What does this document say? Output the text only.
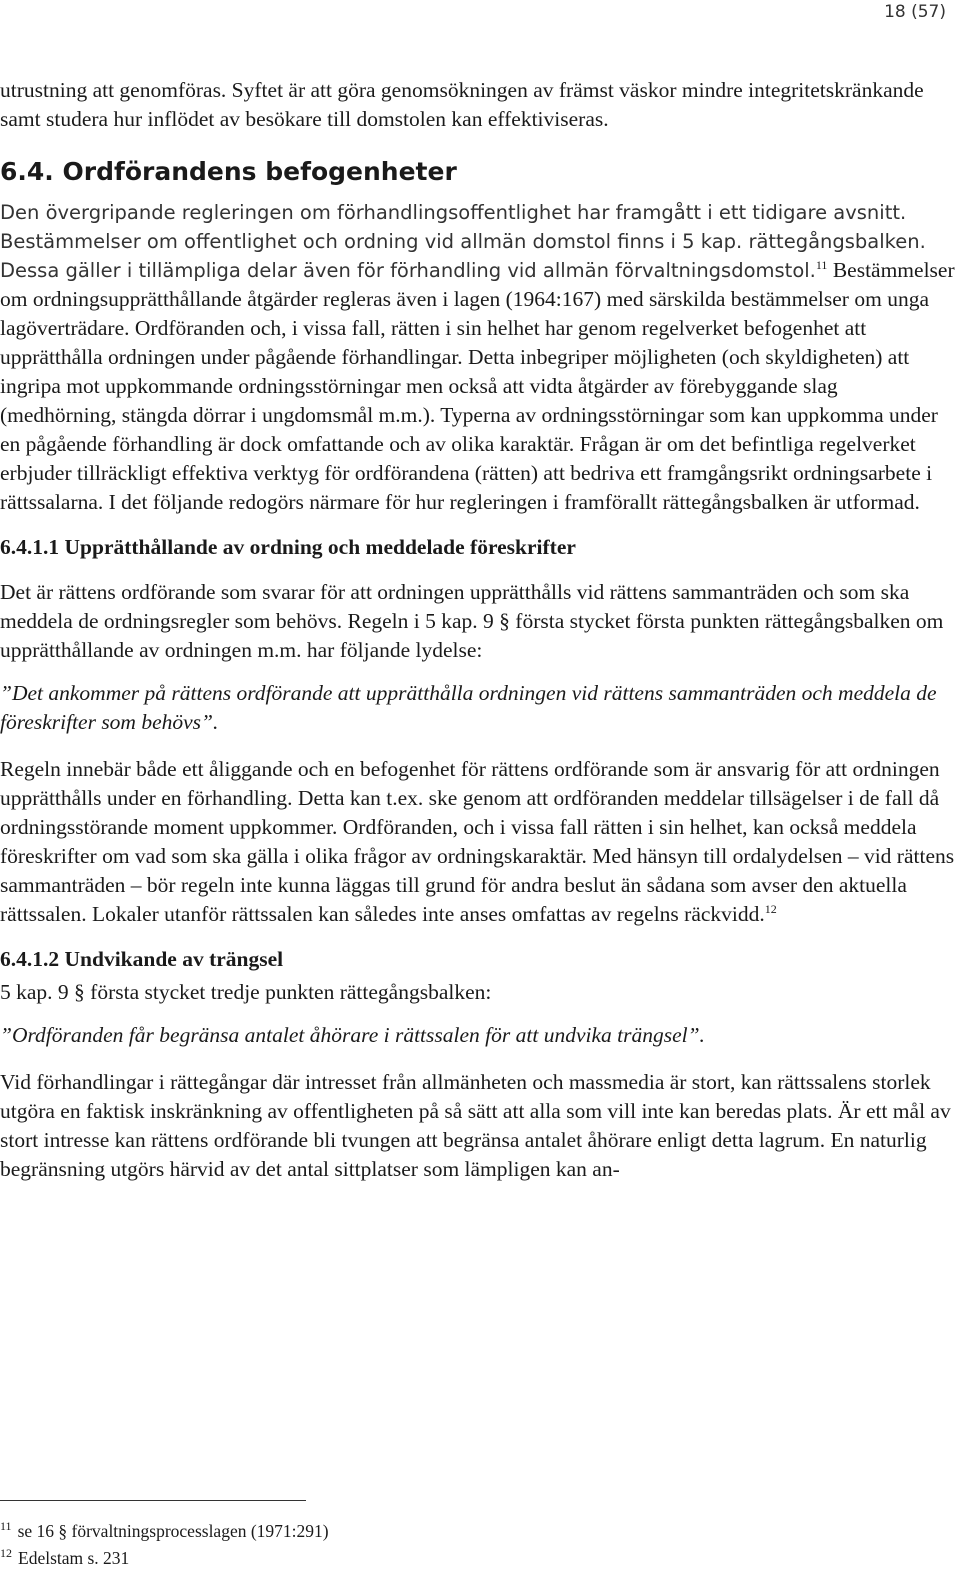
18 (57)

utrustning att genomföras. Syftet är att göra genomsökningen av främst väskor mindre integritetskränkande samt studera hur inflödet av besökare till domstolen kan effektiviseras.

6.4. Ordförandens befogenheter

Den övergripande regleringen om förhandlingsoffentlighet har framgått i ett tidigare avsnitt. Bestämmelser om offentlighet och ordning vid allmän domstol finns i 5 kap. rättegångsbalken. Dessa gäller i tillämpliga delar även för förhandling vid allmän förvaltningsdomstol.$^{11}$ Bestämmelser om ordningsupprätthållande åtgärder regleras även i lagen (1964:167) med särskilda bestämmelser om unga lagöverträdare. Ordföranden och, i vissa fall, rätten i sin helhet har genom regelverket befogenhet att upprätthålla ordningen under pågående förhandlingar. Detta inbegriper möjligheten (och skyldigheten) att ingripa mot uppkommande ordningsstörningar men också att vidta åtgärder av förebyggande slag (medhörning, stängda dörrar i ungdomsmål m.m.). Typerna av ordningsstörningar som kan uppkomma under en pågående förhandling är dock omfattande och av olika karaktär. Frågan är om det befintliga regelverket erbjuder tillräckligt effektiva verktyg för ordförandena (rätten) att bedriva ett framgångsrikt ordningsarbete i rättssalarna. I det följande redogörs närmare för hur regleringen i framförallt rättegångsbalken är utformad.

6.4.1.1 Upprätthållande av ordning och meddelade föreskrifter

Det är rättens ordförande som svarar för att ordningen upprätthålls vid rättens sammanträden och som ska meddela de ordningsregler som behövs. Regeln i 5 kap. 9 § första stycket första punkten rättegångsbalken om upprätthållande av ordningen m.m. har följande lydelse:

”Det ankommer på rättens ordförande att upprätthålla ordningen vid rättens sammanträden och meddela de föreskrifter som behövs”.

Regeln innebär både ett åliggande och en befogenhet för rättens ordförande som är ansvarig för att ordningen upprätthålls under en förhandling. Detta kan t.ex. ske genom att ordföranden meddelar tillsägelser i de fall då ordningsstörande moment uppkommer. Ordföranden, och i vissa fall rätten i sin helhet, kan också meddela föreskrifter om vad som ska gälla i olika frågor av ordningskaraktär. Med hänsyn till ordalydelsen – vid rättens sammanträden – bör regeln inte kunna läggas till grund för andra beslut än sådana som avser den aktuella rättssalen. Lokaler utanför rättssalen kan således inte anses omfattas av regelns räckvidd.$^{12}$

6.4.1.2 Undvikande av trängsel

5 kap. 9 § första stycket tredje punkten rättegångsbalken:

”Ordföranden får begränsa antalet åhörare i rättssalen för att undvika trängsel”.

Vid förhandlingar i rättegångar där intresset från allmänheten och massmedia är stort, kan rättssalens storlek utgöra en faktisk inskränkning av offentligheten på så sätt att alla som vill inte kan beredas plats. Är ett mål av stort intresse kan rättens ordförande bli tvungen att begränsa antalet åhörare enligt detta lagrum. En naturlig begränsning utgörs härvid av det antal sittplatser som lämpligen kan an-

$^{11}$ se 16 § förvaltningsprocesslagen (1971:291)

$^{12}$ Edelstam s. 231
